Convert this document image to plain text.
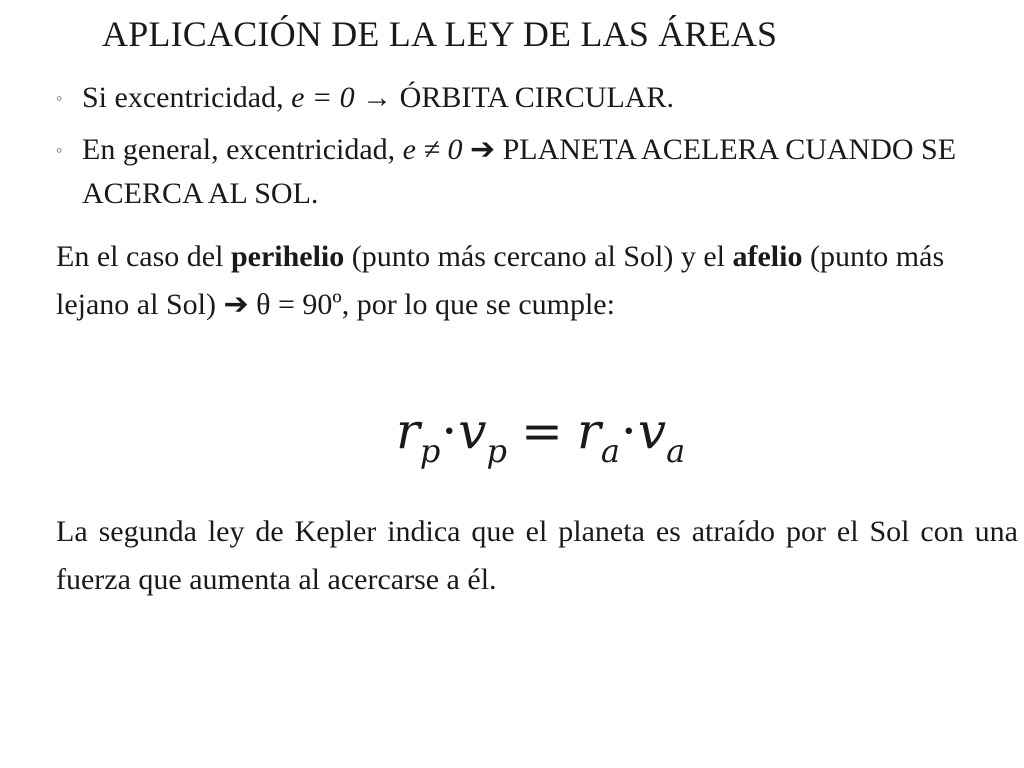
APLICACIÓN DE LA LEY DE LAS ÁREAS
◦ Si excentricidad, e = 0 → ÓRBITA CIRCULAR.
◦ En general, excentricidad, e ≠ 0 ➔ PLANETA ACELERA CUANDO SE ACERCA AL SOL.
En el caso del perihelio (punto más cercano al Sol) y el afelio (punto más lejano al Sol) ➔ θ = 90º, por lo que se cumple:
$r_p\cdot v_p = r_a\cdot v_a$
La segunda ley de Kepler indica que el planeta es atraído por el Sol con una fuerza que aumenta al acercarse a él.
